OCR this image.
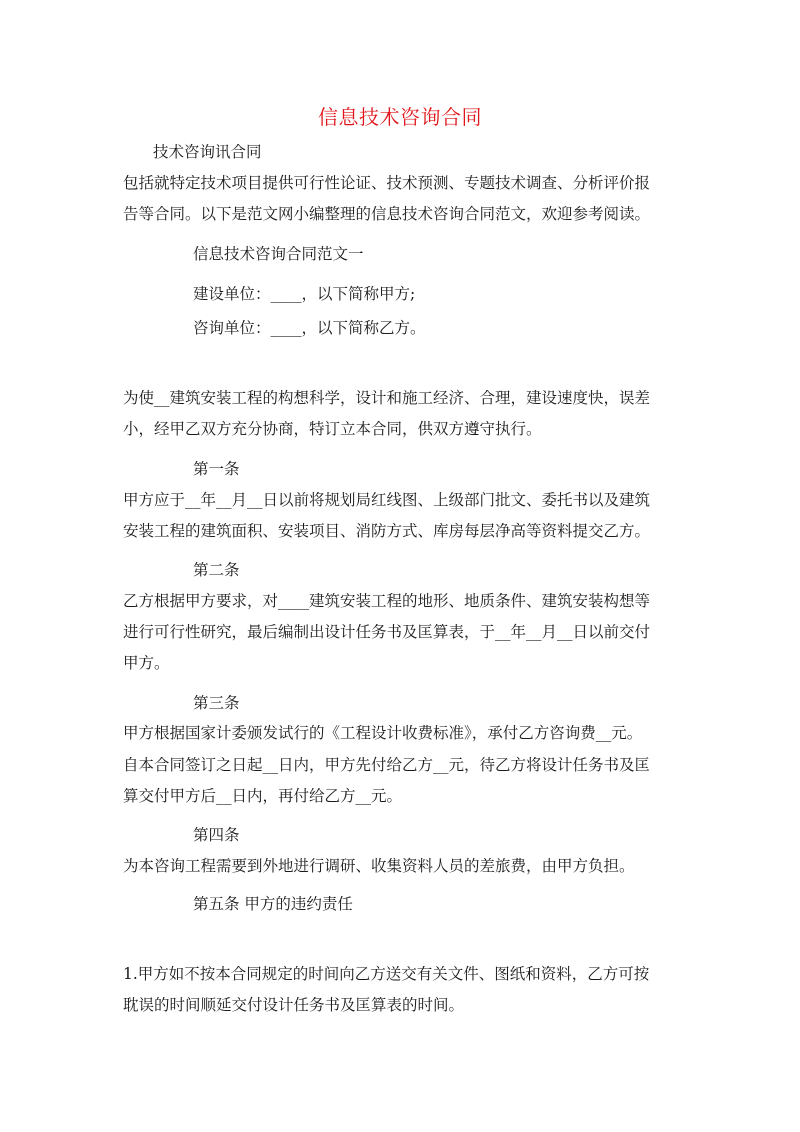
信息技术咨询合同
技术咨询讯合同
包括就特定技术项目提供可行性论证、技术预测、专题技术调查、分析评价报
告等合同。以下是范文网小编整理的信息技术咨询合同范文，欢迎参考阅读。
信息技术咨询合同范文一
建设单位：____，以下简称甲方;
咨询单位：____，以下简称乙方。
为使__建筑安装工程的构想科学，设计和施工经济、合理，建设速度快，误差
小，经甲乙双方充分协商，特订立本合同，供双方遵守执行。
第一条
甲方应于__年__月__日以前将规划局红线图、上级部门批文、委托书以及建筑
安装工程的建筑面积、安装项目、消防方式、库房每层净高等资料提交乙方。
第二条
乙方根据甲方要求，对____建筑安装工程的地形、地质条件、建筑安装构想等
进行可行性研究，最后编制出设计任务书及匡算表，于__年__月__日以前交付
甲方。
第三条
甲方根据国家计委颁发试行的《工程设计收费标准》，承付乙方咨询费__元。
自本合同签订之日起__日内，甲方先付给乙方__元，待乙方将设计任务书及匡
算交付甲方后__日内，再付给乙方__元。
第四条
为本咨询工程需要到外地进行调研、收集资料人员的差旅费，由甲方负担。
第五条 甲方的违约责任
1.甲方如不按本合同规定的时间向乙方送交有关文件、图纸和资料，乙方可按
耽误的时间顺延交付设计任务书及匡算表的时间。
